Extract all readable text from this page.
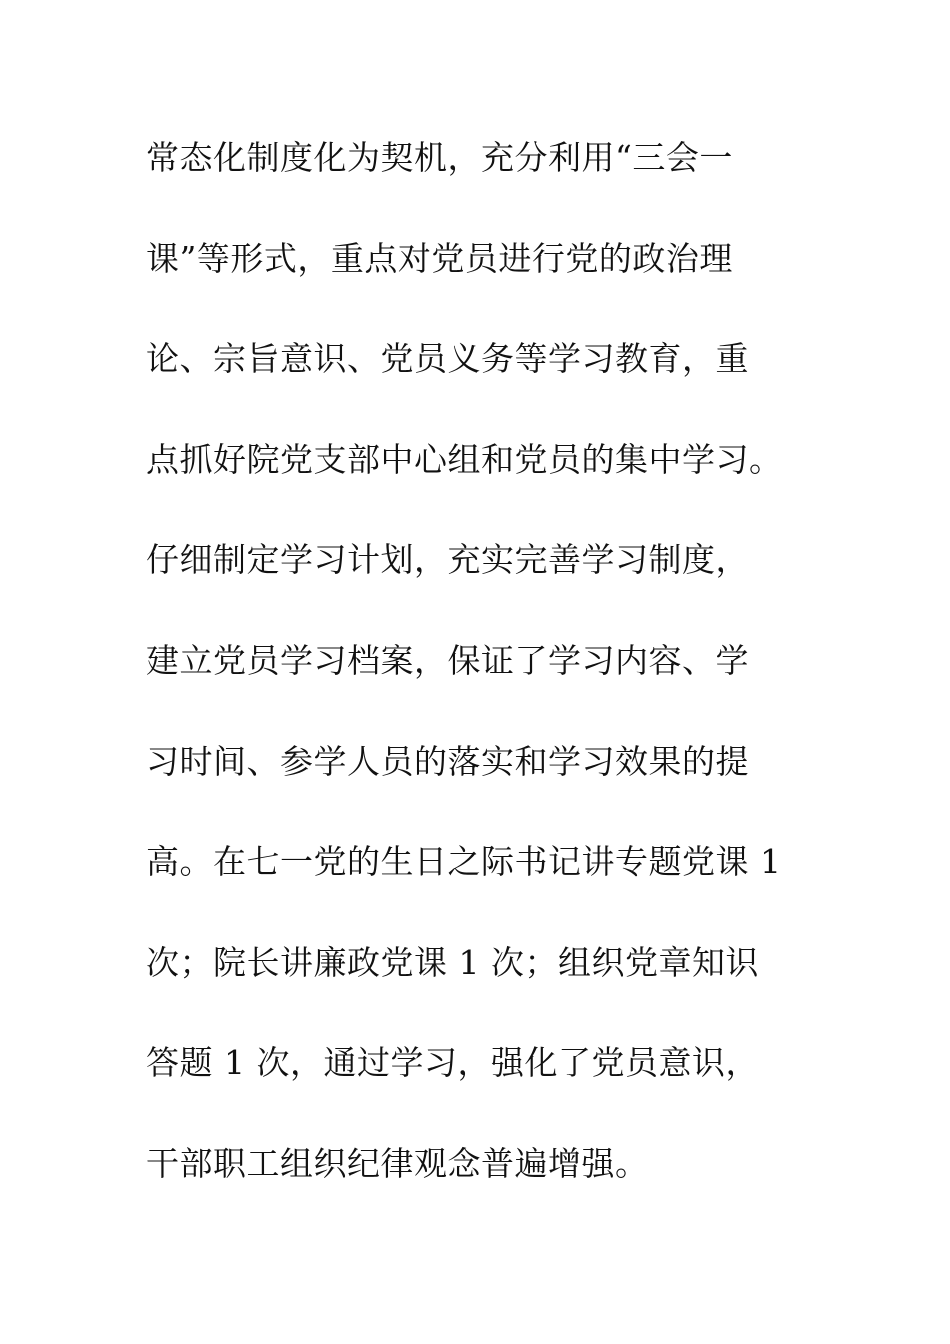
常态化制度化为契机，充分利用“三会一
课”等形式，重点对党员进行党的政治理
论、宗旨意识、党员义务等学习教育，重
点抓好院党支部中心组和党员的集中学习。
仔细制定学习计划，充实完善学习制度，
建立党员学习档案，保证了学习内容、学
习时间、参学人员的落实和学习效果的提
高。在七一党的生日之际书记讲专题党课 1
次；院长讲廉政党课 1 次；组织党章知识
答题 1 次，通过学习，强化了党员意识，
干部职工组织纪律观念普遍增强。
